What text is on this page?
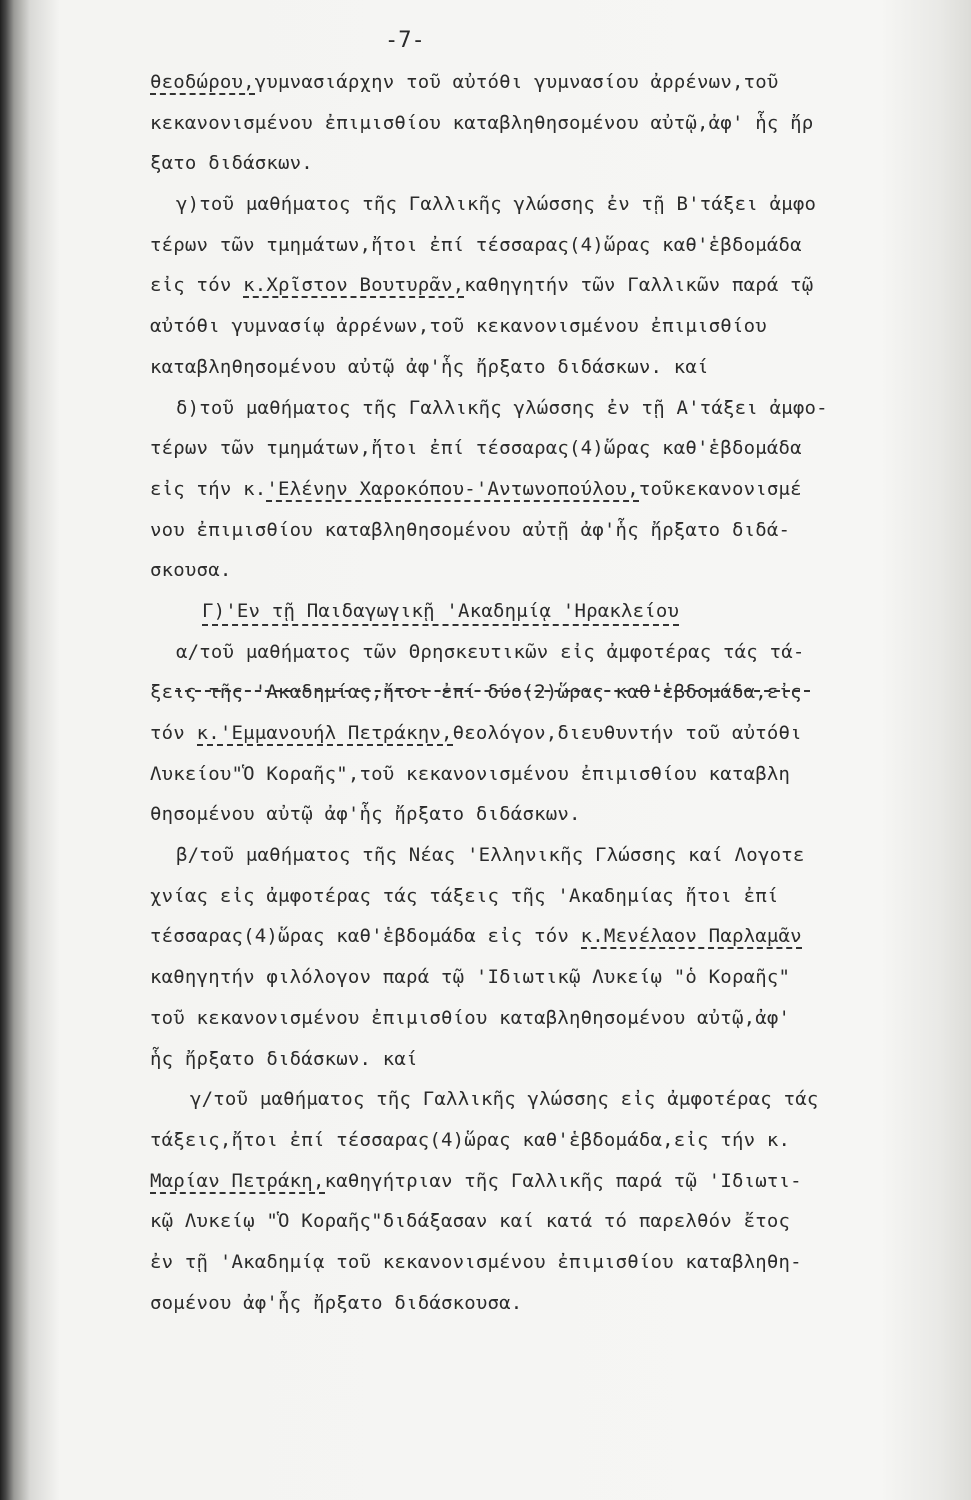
-7-
θεοδώρου,γυμνασιάρχην τοῦ αὐτόθι γυμνασίου ἀρρένων,τοῦ
κεκανονισμένου ἐπιμισθίου καταβληθησομένου αὐτῷ,ἀφ' ἧς ἤρ
ξατο διδάσκων.
γ)τοῦ μαθήματος τῆς Γαλλικῆς γλώσσης ἐν τῇ Β'τάξει ἀμφο
τέρων τῶν τμημάτων,ἤτοι ἐπί τέσσαρας(4)ὥρας καθ'ἑβδομάδα
εἰς τόν κ.Χρῖστον Βουτυρᾶν,καθηγητήν τῶν Γαλλικῶν παρά τῷ
αὐτόθι γυμνασίῳ ἀρρένων,τοῦ κεκανονισμένου ἐπιμισθίου
καταβληθησομένου αὐτῷ ἀφ'ἧς ἤρξατο διδάσκων. καί
δ)τοῦ μαθήματος τῆς Γαλλικῆς γλώσσης ἐν τῇ Α'τάξει ἀμφο-
τέρων τῶν τμημάτων,ἤτοι ἐπί τέσσαρας(4)ὥρας καθ'ἑβδομάδα
εἰς τήν κ.'Ελένην Χαροκόπου-'Αντωνοπούλου,τοῦκεκανονισμέ
νου ἐπιμισθίου καταβληθησομένου αὐτῇ ἀφ'ἧς ἤρξατο διδά-
σκουσα.
Γ)'Εν τῇ Παιδαγωγικῇ 'Ακαδημίᾳ 'Ηρακλείου
α/τοῦ μαθήματος τῶν Θρησκευτικῶν εἰς ἀμφοτέρας τάς τά-
ξεις τῆς 'Ακαδημίας,ἤτοι ἐπί δύο(2)ὥρας καθ'ἑβδομάδα,εἰς
τόν κ.'Εμμανουήλ Πετράκην,θεολόγον,διευθυντήν τοῦ αὐτόθι
Λυκείου"Ὁ Κοραῆς",τοῦ κεκανονισμένου ἐπιμισθίου καταβλη
θησομένου αὐτῷ ἀφ'ἧς ἤρξατο διδάσκων.
β/τοῦ μαθήματος τῆς Νέας 'Ελληνικῆς Γλώσσης καί Λογοτε
χνίας εἰς ἀμφοτέρας τάς τάξεις τῆς 'Ακαδημίας ἤτοι ἐπί
τέσσαρας(4)ὥρας καθ'ἑβδομάδα εἰς τόν κ.Μενέλαον Παρλαμᾶν
καθηγητήν φιλόλογον παρά τῷ 'Ιδιωτικῷ Λυκείῳ "ὁ Κοραῆς"
τοῦ κεκανονισμένου ἐπιμισθίου καταβληθησομένου αὐτῷ,ἀφ'
ἧς ἤρξατο διδάσκων. καί
γ/τοῦ μαθήματος τῆς Γαλλικῆς γλώσσης εἰς ἀμφοτέρας τάς
τάξεις,ἤτοι ἐπί τέσσαρας(4)ὥρας καθ'ἑβδομάδα,εἰς τήν κ.
Μαρίαν Πετράκη,καθηγήτριαν τῆς Γαλλικῆς παρά τῷ 'Ιδιωτι-
κῷ Λυκείῳ "Ὁ Κοραῆς"διδάξασαν καί κατά τό παρελθόν ἔτος
ἐν τῇ 'Ακαδημίᾳ τοῦ κεκανονισμένου ἐπιμισθίου καταβληθη-
σομένου ἀφ'ἧς ἤρξατο διδάσκουσα.
